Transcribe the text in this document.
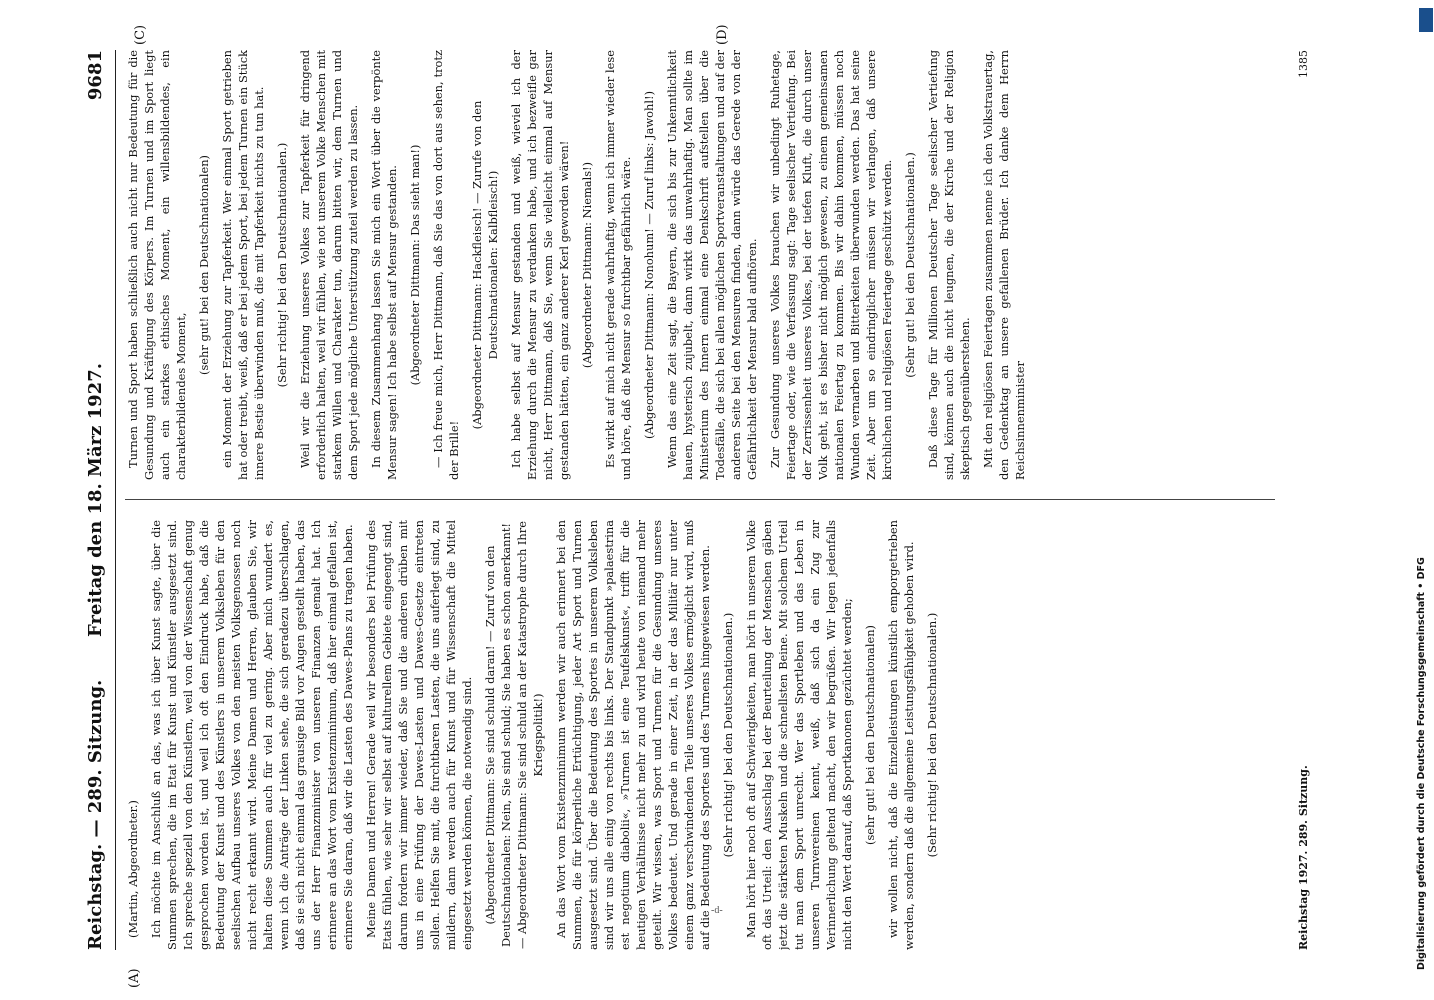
Reichstag. — 289. Sitzung.
Freitag den 18. März 1927.
9681
(A)
(C)	(D)

(Martin, Abgeordneter.) Ich möchte im Anschluß an das, was ich über Kunst sagte, über die Summen sprechen, die im Etat für Kunst und Künstler ausgesetzt sind. Ich spreche speziell von den Künstlern, weil von der Wissenschaft genug gesprochen worden ist, und weil ich oft den Eindruck habe, daß die Bedeutung der Kunst und des Künstlers in unserem Volksleben für den seelischen Aufbau unseres Volkes von den meisten Volksgenossen noch nicht recht erkannt wird. Meine Damen und Herren, glauben Sie, wir halten diese Summen auch für viel zu gering. Aber mich wundert es, wenn ich die Anträge der Linken sehe, die sich geradezu überschlagen, daß sie sich nicht einmal das grausige Bild vor Augen gestellt haben, das uns der Herr Finanzminister von unseren Finanzen gemalt hat. Ich erinnere an das Wort vom Existenzminimum, daß hier einmal gefallen ist, erinnere Sie daran, daß wir die Lasten des Dawes-Plans zu tragen haben. Meine Damen und Herren! Gerade weil wir besonders bei Prüfung des Etats fühlen, wie sehr wir selbst auf kulturellem Gebiete eingeengt sind, darum fordern wir immer wieder, daß Sie und die anderen drüben mit uns in eine Prüfung der Dawes-Lasten und Dawes-Gesetze eintreten sollen. Helfen Sie mit, die furchtbaren Lasten, die uns auferlegt sind, zu mildern, dann werden auch für Kunst und für Wissenschaft die Mittel eingesetzt werden können, die notwendig sind. (Abgeordneter Dittmann: Sie sind schuld daran! — Zuruf von den Deutschnationalen: Nein, Sie sind schuld; Sie haben es schon anerkannt! — Abgeordneter Dittmann: Sie sind schuld an der Katastrophe durch Ihre Kriegspolitik!) An das Wort vom Existenzminimum werden wir auch erinnert bei den Summen, die für körperliche Ertüchtigung, jeder Art Sport und Turnen ausgesetzt sind. Über die Bedeutung des Sportes in unserem Volksleben sind wir uns alle einig von rechts bis links. Der Standpunkt »palaestrina est negotium diabolii«, »Turnen ist eine Teufelskunst«, trifft für die heutigen Verhältnisse nicht mehr zu und wird heute von niemand mehr geteilt. Wir wissen, was Sport und Turnen für die Gesundung unseres Volkes bedeutet. Und gerade in einer Zeit, in der das Militär nur unter einem ganz verschwindenden Teile unseres Volkes ermöglicht wird, muß auf die Bedeutung des Sportes und des Turnens hingewiesen werden. (Sehr richtig! bei den Deutschnationalen.) Man hört hier noch oft auf Schwierigkeiten, man hört in unserem Volke oft das Urteil: den Ausschlag bei der Beurteilung der Menschen gäben jetzt die stärksten Muskeln und die schnellsten Beine. Mit solchem Urteil tut man dem Sport unrecht. Wer das Sportleben und das Leben in unseren Turnvereinen kennt, weiß, daß sich da ein Zug zur Verinnerlichung geltend macht, den wir begrüßen. Wir legen jedenfalls nicht den Wert darauf, daß Sportkanonen gezüchtet werden; (sehr gut! bei den Deutschnationalen) wir wollen nicht, daß die Einzelleistungen künstlich emporgetrieben werden, sondern daß die allgemeine Leistungsfähigkeit gehoben wird. (Sehr richtig! bei den Deutschnationalen.)

Turnen und Sport haben schließlich auch nicht nur Bedeutung für die Gesundung und Kräftigung des Körpers. Im Turnen und im Sport liegt auch ein starkes ethisches Moment, ein willensbildendes, ein charakterbildendes Moment,

(sehr gut! bei den Deutschnationalen) ein Moment der Erziehung zur Tapferkeit. Wer einmal Sport getrieben hat oder treibt, weiß, daß er bei jedem Sport, bei jedem Turnen ein Stück innere Bestie überwinden muß, die mit Tapferkeit nichts zu tun hat. (Sehr richtig! bei den Deutschnationalen.) Weil wir die Erziehung unseres Volkes zur Tapferkeit für dringend erforderlich halten, weil wir fühlen, wie not unserem Volke Menschen mit starkem Willen und Charakter tun, darum bitten wir, dem Turnen und dem Sport jede mögliche Unterstützung zuteil werden zu lassen. In diesem Zusammenhang lassen Sie mich ein Wort über die verpönte Mensur sagen! Ich habe selbst auf Mensur gestanden. (Abgeordneter Dittmann: Das sieht man!) — Ich freue mich, Herr Dittmann, daß Sie das von dort aus sehen, trotz der Brille!

(Abgeordneter Dittmann: Hackfleisch! — Zurufe von den Deutschnationalen: Kalbfleisch!) Ich habe selbst auf Mensur gestanden und weiß, wieviel ich der Erziehung durch die Mensur zu verdanken habe, und ich bezweifle gar nicht, Herr Dittmann, daß Sie, wenn Sie vielleicht einmal auf Mensur gestanden hätten, ein ganz anderer Kerl geworden wären! (Abgeordneter Dittmann: Niemals!) Es wirkt auf mich nicht gerade wahrhaftig, wenn ich immer wieder lese und höre, daß die Mensur so furchtbar gefährlich wäre. (Abgeordneter Dittmann: Nonohum! — Zuruf links: Jawohl!) Wenn das eine Zeit sagt, die Bayern, die sich bis zur Unkenntlichkeit hauen, hysterisch zujubelt, dann wirkt das unwahrhaftig. Man sollte im Ministerium des Innern einmal eine Denkschrift aufstellen über die Todesfälle, die sich bei allen möglichen Sportveranstaltungen und auf der anderen Seite bei den Mensuren finden, dann würde das Gerede von der Gefährlichkeit der Mensur bald aufhören. Zur Gesundung unseres Volkes brauchen wir unbedingt Ruhetage, Feiertage oder, wie die Verfassung sagt: Tage seelischer Vertiefung. Bei der Zerrissenheit unseres Volkes, bei der tiefen Kluft, die durch unser Volk geht, ist es bisher nicht möglich gewesen, zu einem gemeinsamen nationalen Feiertag zu kommen. Bis wir dahin kommen, müssen noch Wunden vernarben und Bitterkeiten überwunden werden. Das hat seine Zeit. Aber um so eindringlicher müssen wir verlangen, daß unsere kirchlichen und religiösen Feiertage geschützt werden. (Sehr gut! bei den Deutschnationalen.) Daß diese Tage für Millionen Deutscher Tage seelischer Vertiefung sind, können auch die nicht leugnen, die der Kirche und der Religion skeptisch gegenüberstehen. Mit den religiösen Feiertagen zusammen nenne ich den Volkstrauertag, den Gedenktag an unsere gefallenen Brüder. Ich danke dem Herrn Reichsinnenminister

Reichstag 1927. 289. Sitzung.
1385
-d-	Digitalisierung gefördert durch die Deutsche Forschungsgemeinschaft • DFG
